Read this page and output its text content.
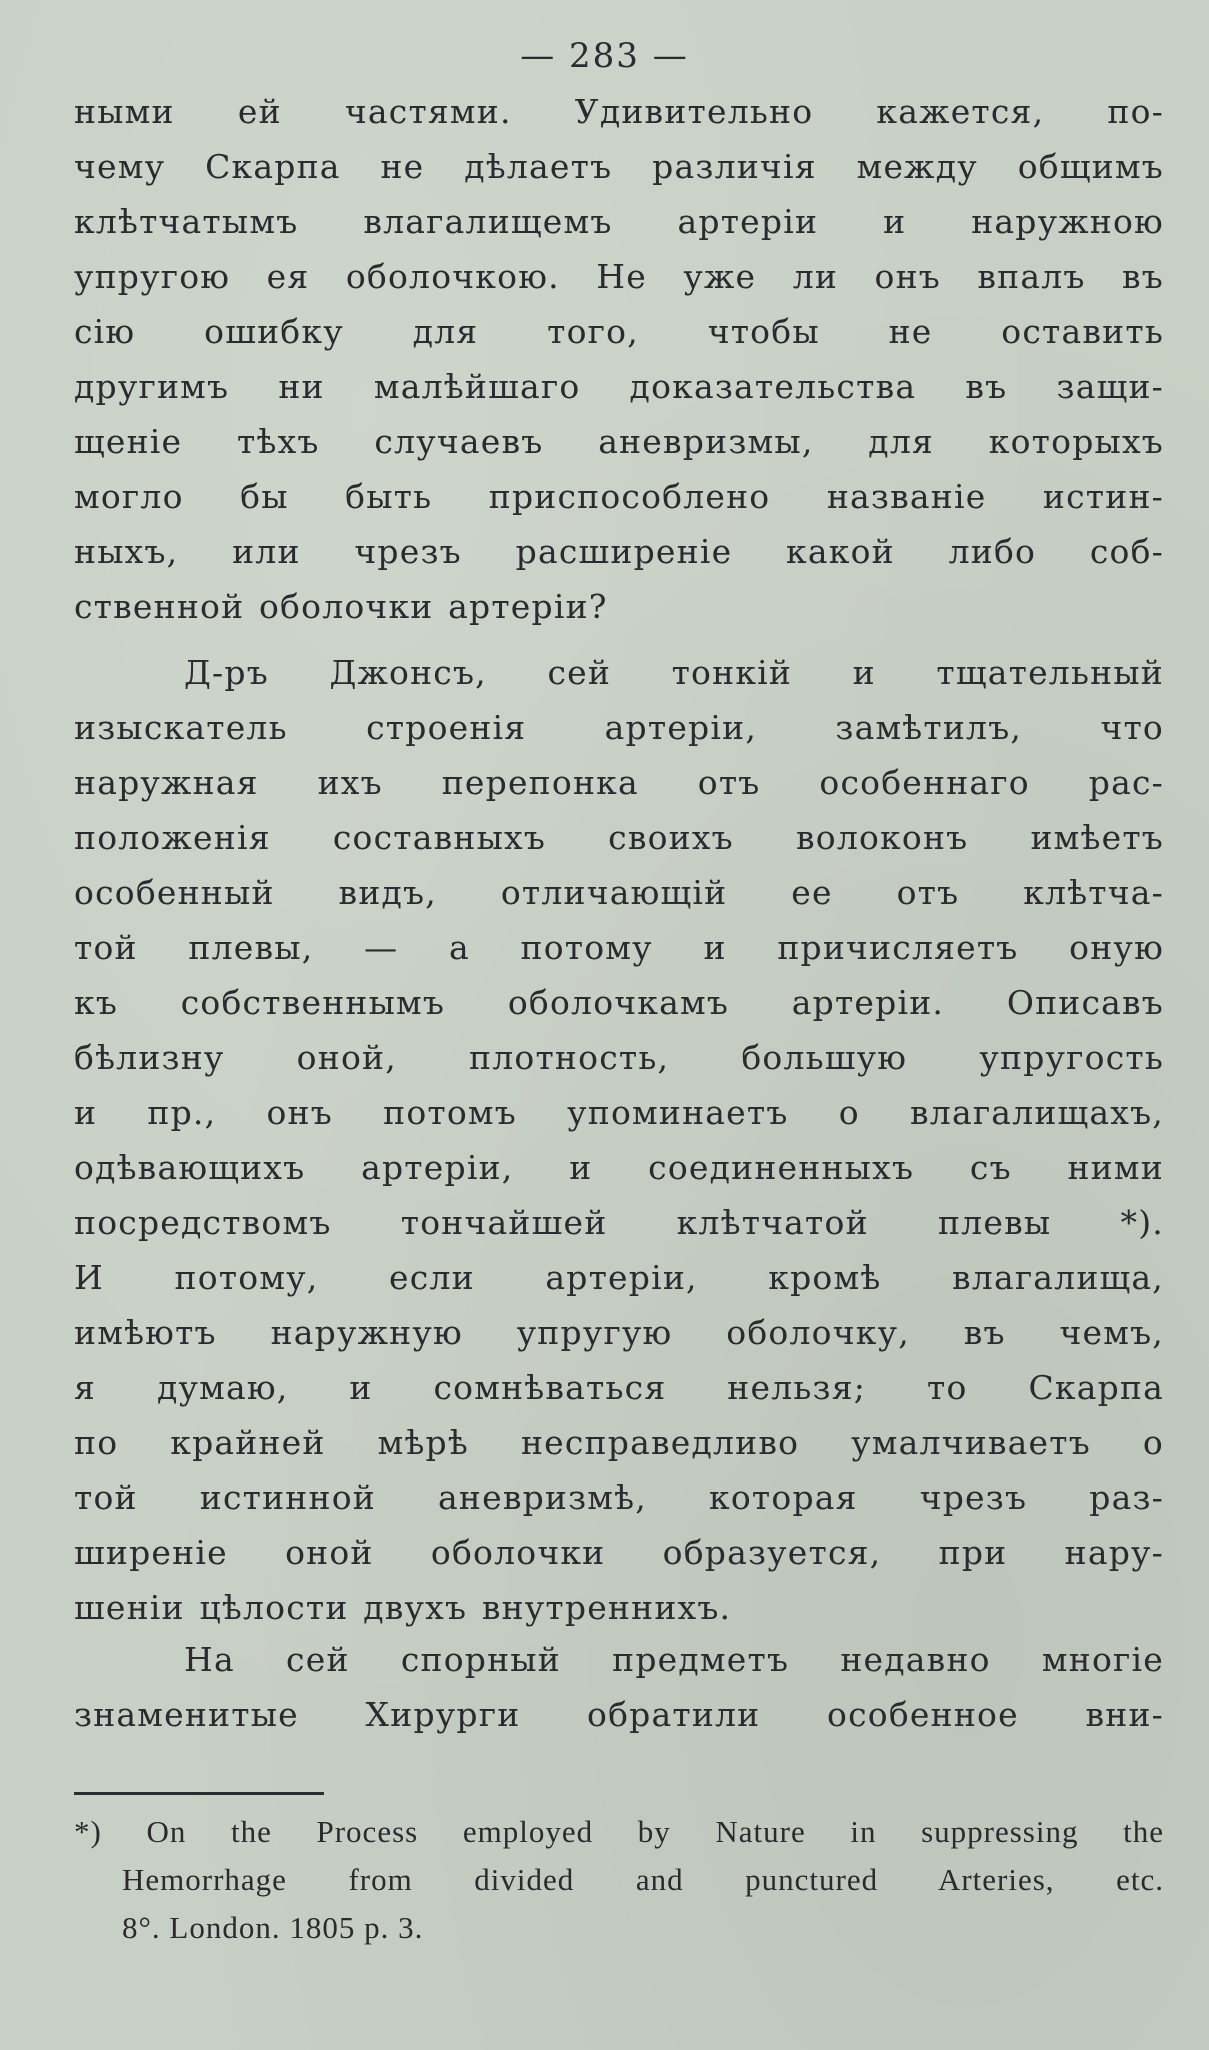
— 283 —
ными ей частями. Удивительно кажется, по-
чему Скарпа не дѣлаетъ различія между общимъ
клѣтчатымъ влагалищемъ артеріи и наружною
упругою ея оболочкою. Не уже ли онъ впалъ въ
сію ошибку для того, чтобы не оставить
другимъ ни малѣйшаго доказательства въ защи-
щеніе тѣхъ случаевъ аневризмы, для которыхъ
могло бы быть приспособлено названіе истин-
ныхъ, или чрезъ расширеніе какой либо соб-
ственной оболочки артеріи?
Д-ръ Джонсъ, сей тонкій и тщательный
изыскатель строенія артеріи, замѣтилъ, что
наружная ихъ перепонка отъ особеннаго рас-
положенія составныхъ своихъ волоконъ имѣетъ
особенный видъ, отличающій ее отъ клѣтча-
той плевы, — а потому и причисляетъ оную
къ собственнымъ оболочкамъ артеріи. Описавъ
бѣлизну оной, плотность, большую упругость
и пр., онъ потомъ упоминаетъ о влагалищахъ,
одѣвающихъ артеріи, и соединенныхъ съ ними
посредствомъ тончайшей клѣтчатой плевы *).
И потому, если артеріи, кромѣ влагалища,
имѣютъ наружную упругую оболочку, въ чемъ,
я думаю, и сомнѣваться нельзя; то Скарпа
по крайней мѣрѣ несправедливо умалчиваетъ о
той истинной аневризмѣ, которая чрезъ раз-
ширеніе оной оболочки образуется, при нару-
шеніи цѣлости двухъ внутреннихъ.
На сей спорный предметъ недавно многіе
знаменитые Хирурги обратили особенное вни-
*) On the Process employed by Nature in suppressing the
Hemorrhage from divided and punctured Arteries, etc.
8°. London. 1805 p. 3.
